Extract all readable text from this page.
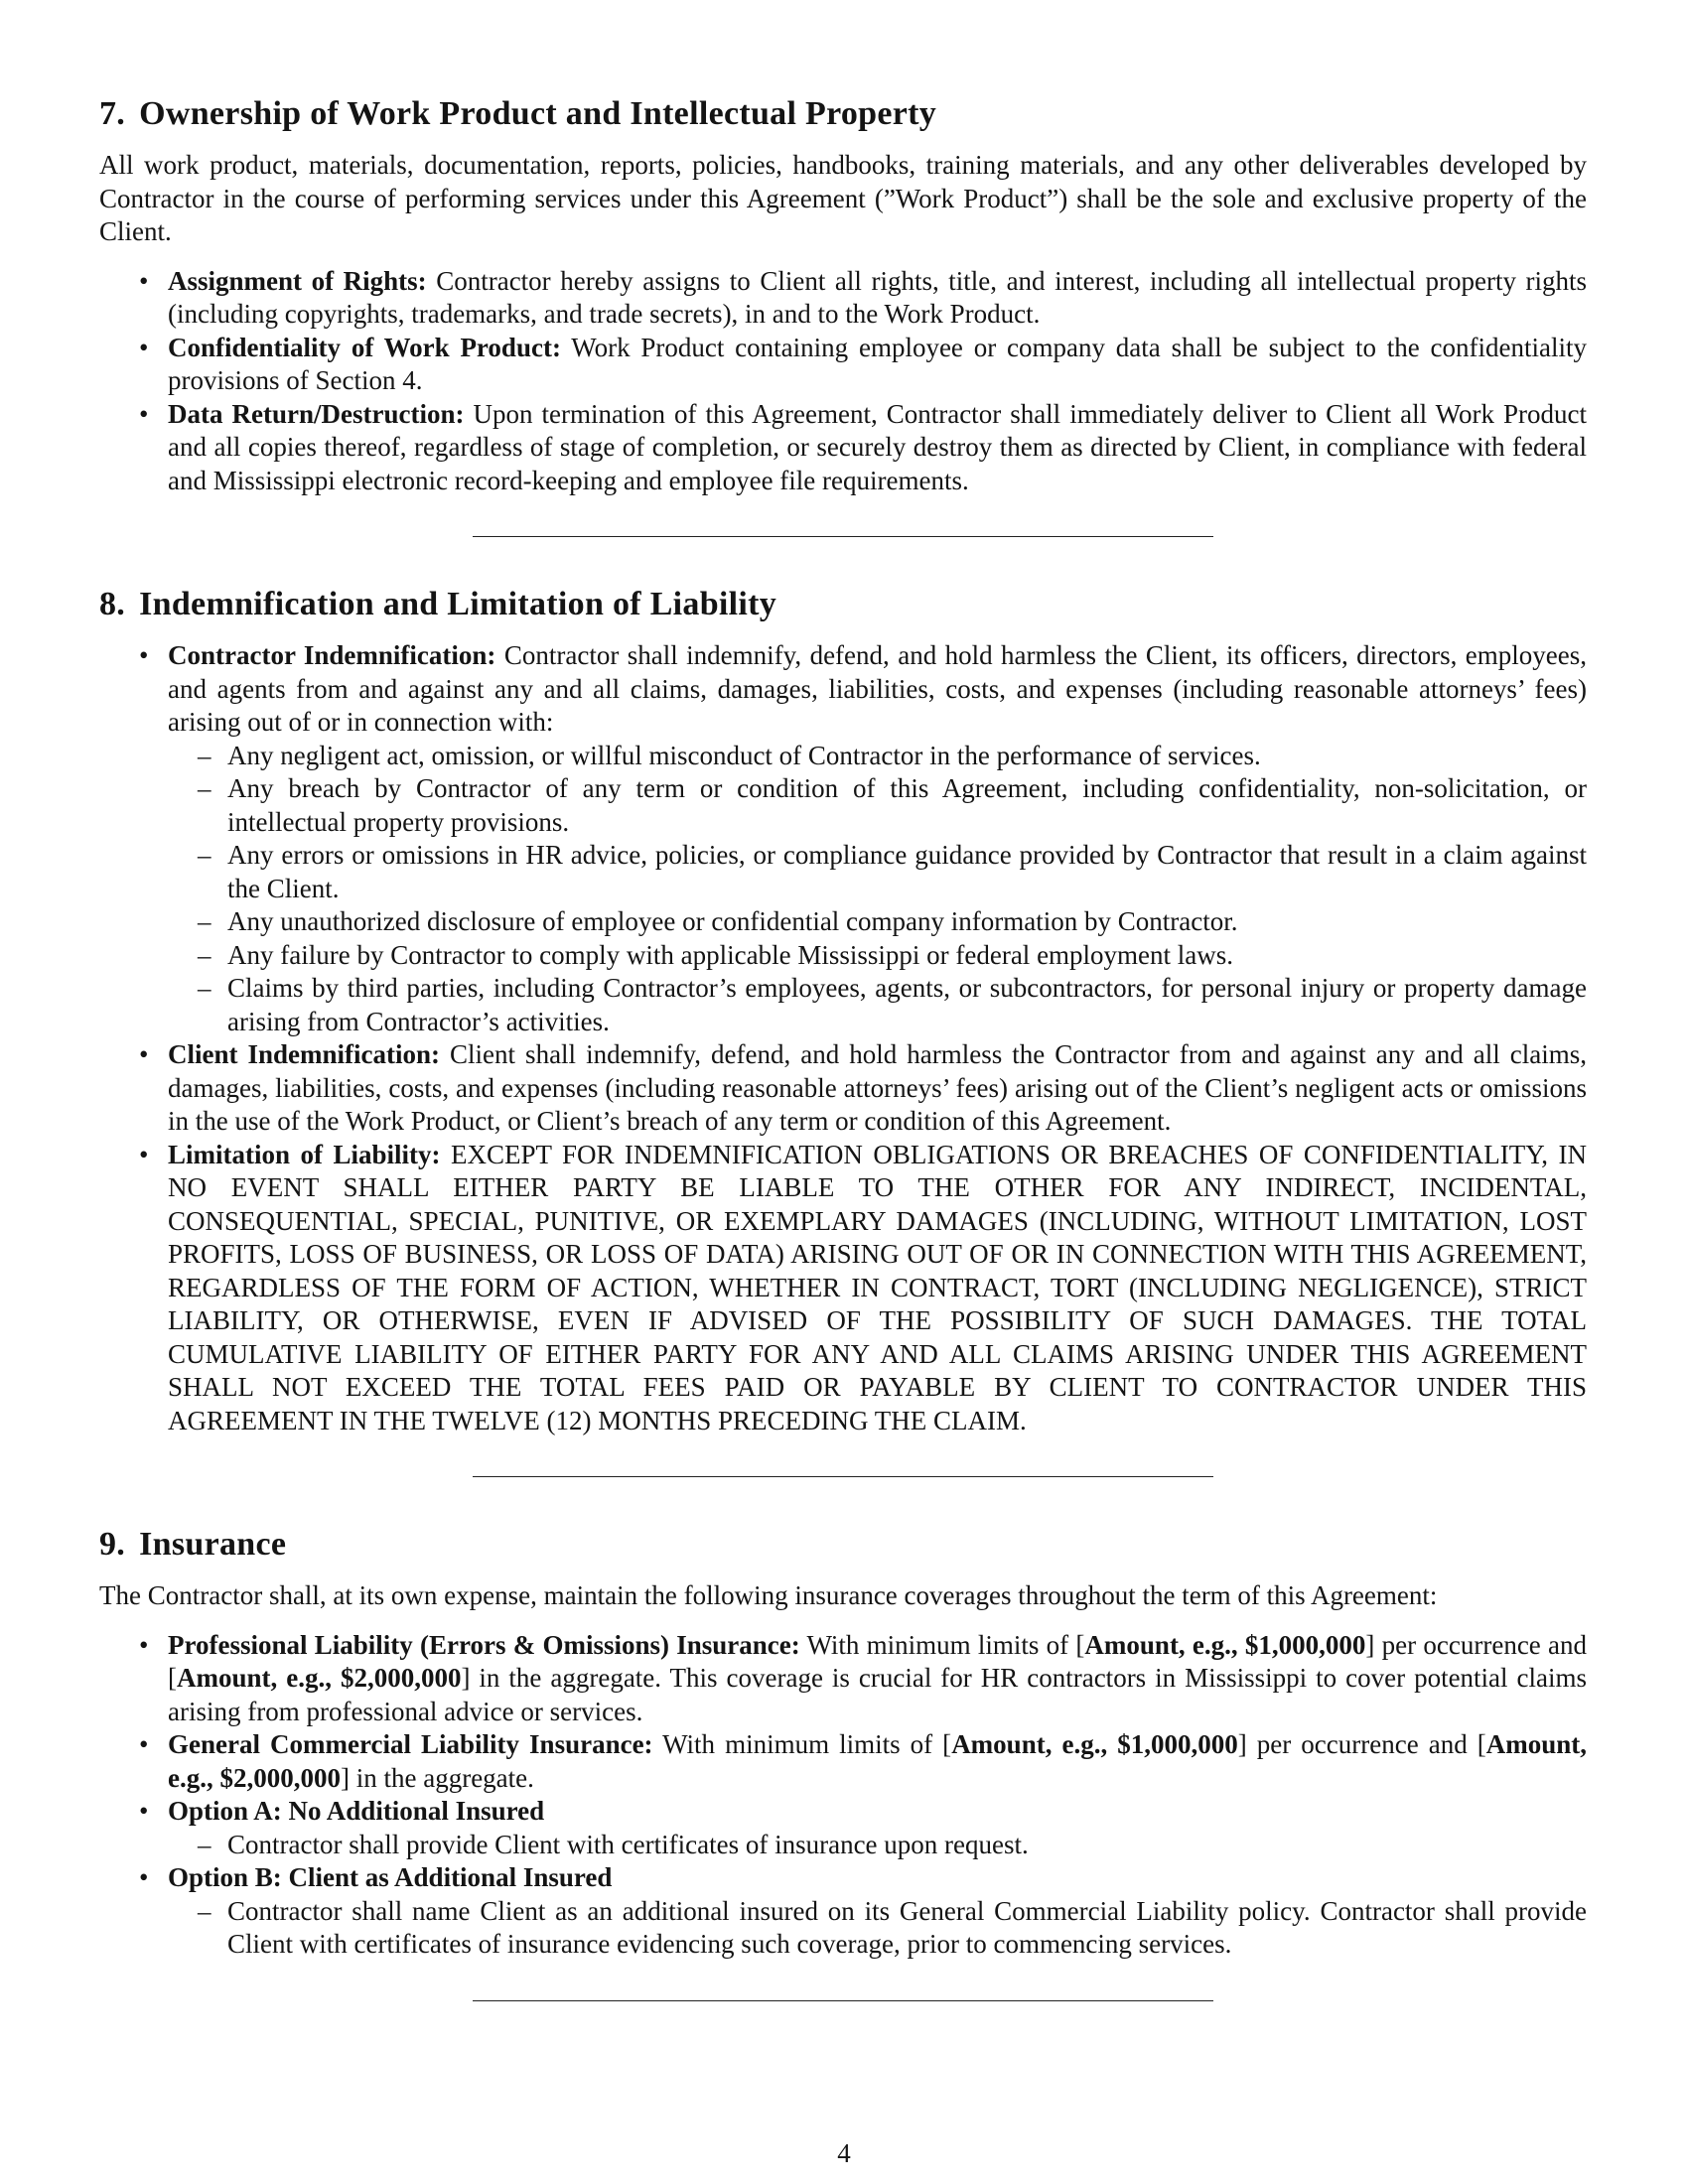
7. Ownership of Work Product and Intellectual Property

All work product, materials, documentation, reports, policies, handbooks, training materials, and any other deliverables developed by Contractor in the course of performing services under this Agreement (”Work Product”) shall be the sole and exclusive property of the Client.

• Assignment of Rights: Contractor hereby assigns to Client all rights, title, and interest, including all intellectual property rights (including copyrights, trademarks, and trade secrets), in and to the Work Product.
• Confidentiality of Work Product: Work Product containing employee or company data shall be subject to the confidentiality provisions of Section 4.
• Data Return/Destruction: Upon termination of this Agreement, Contractor shall immediately deliver to Client all Work Product and all copies thereof, regardless of stage of completion, or securely destroy them as directed by Client, in compliance with federal and Mississippi electronic record-keeping and employee file requirements.
8. Indemnification and Limitation of Liability
• Contractor Indemnification: Contractor shall indemnify, defend, and hold harmless the Client, its officers, directors, employees, and agents from and against any and all claims, damages, liabilities, costs, and expenses (including reasonable attorneys’ fees) arising out of or in connection with:
– Any negligent act, omission, or willful misconduct of Contractor in the performance of services.
– Any breach by Contractor of any term or condition of this Agreement, including confidentiality, non-solicitation, or intellectual property provisions.
– Any errors or omissions in HR advice, policies, or compliance guidance provided by Contractor that result in a claim against the Client.
– Any unauthorized disclosure of employee or confidential company information by Contractor.
– Any failure by Contractor to comply with applicable Mississippi or federal employment laws.
– Claims by third parties, including Contractor’s employees, agents, or subcontractors, for personal injury or property damage arising from Contractor’s activities.
• Client Indemnification: Client shall indemnify, defend, and hold harmless the Contractor from and against any and all claims, damages, liabilities, costs, and expenses (including reasonable attorneys’ fees) arising out of the Client’s negligent acts or omissions in the use of the Work Product, or Client’s breach of any term or condition of this Agreement.
• Limitation of Liability: EXCEPT FOR INDEMNIFICATION OBLIGATIONS OR BREACHES OF CONFIDENTIALITY, IN NO EVENT SHALL EITHER PARTY BE LIABLE TO THE OTHER FOR ANY INDIRECT, INCIDENTAL, CONSEQUENTIAL, SPECIAL, PUNITIVE, OR EXEMPLARY DAMAGES (INCLUDING, WITHOUT LIMITATION, LOST PROFITS, LOSS OF BUSINESS, OR LOSS OF DATA) ARISING OUT OF OR IN CONNECTION WITH THIS AGREEMENT, REGARDLESS OF THE FORM OF ACTION, WHETHER IN CONTRACT, TORT (INCLUDING NEGLIGENCE), STRICT LIABILITY, OR OTHERWISE, EVEN IF ADVISED OF THE POSSIBILITY OF SUCH DAMAGES. THE TOTAL CUMULATIVE LIABILITY OF EITHER PARTY FOR ANY AND ALL CLAIMS ARISING UNDER THIS AGREEMENT SHALL NOT EXCEED THE TOTAL FEES PAID OR PAYABLE BY CLIENT TO CONTRACTOR UNDER THIS AGREEMENT IN THE TWELVE (12) MONTHS PRECEDING THE CLAIM.
9. Insurance

The Contractor shall, at its own expense, maintain the following insurance coverages throughout the term of this Agreement:

• Professional Liability (Errors & Omissions) Insurance: With minimum limits of [Amount, e.g., $1,000,000] per occurrence and [Amount, e.g., $2,000,000] in the aggregate. This coverage is crucial for HR contractors in Mississippi to cover potential claims arising from professional advice or services.
• General Commercial Liability Insurance: With minimum limits of [Amount, e.g., $1,000,000] per occurrence and [Amount, e.g., $2,000,000] in the aggregate.
• Option A: No Additional Insured
– Contractor shall provide Client with certificates of insurance upon request.
• Option B: Client as Additional Insured
– Contractor shall name Client as an additional insured on its General Commercial Liability policy. Contractor shall provide Client with certificates of insurance evidencing such coverage, prior to commencing services.
4
